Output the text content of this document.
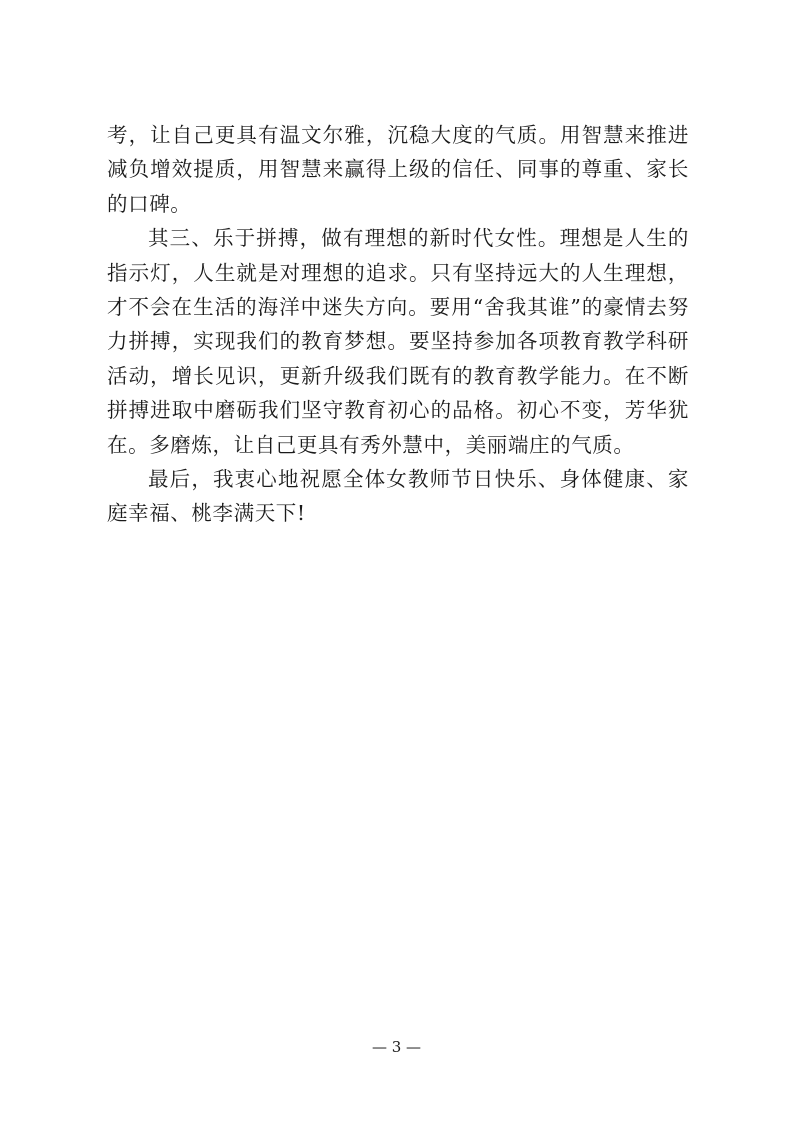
考，让自己更具有温文尔雅，沉稳大度的气质。用智慧来推进减负增效提质，用智慧来赢得上级的信任、同事的尊重、家长的口碑。

其三、乐于拼搏，做有理想的新时代女性。理想是人生的指示灯，人生就是对理想的追求。只有坚持远大的人生理想，才不会在生活的海洋中迷失方向。要用“舍我其谁”的豪情去努力拼搏，实现我们的教育梦想。要坚持参加各项教育教学科研活动，增长见识，更新升级我们既有的教育教学能力。在不断拼搏进取中磨砺我们坚守教育初心的品格。初心不变，芳华犹在。多磨炼，让自己更具有秀外慧中，美丽端庄的气质。

最后，我衷心地祝愿全体女教师节日快乐、身体健康、家庭幸福、桃李满天下!

— 3 —
